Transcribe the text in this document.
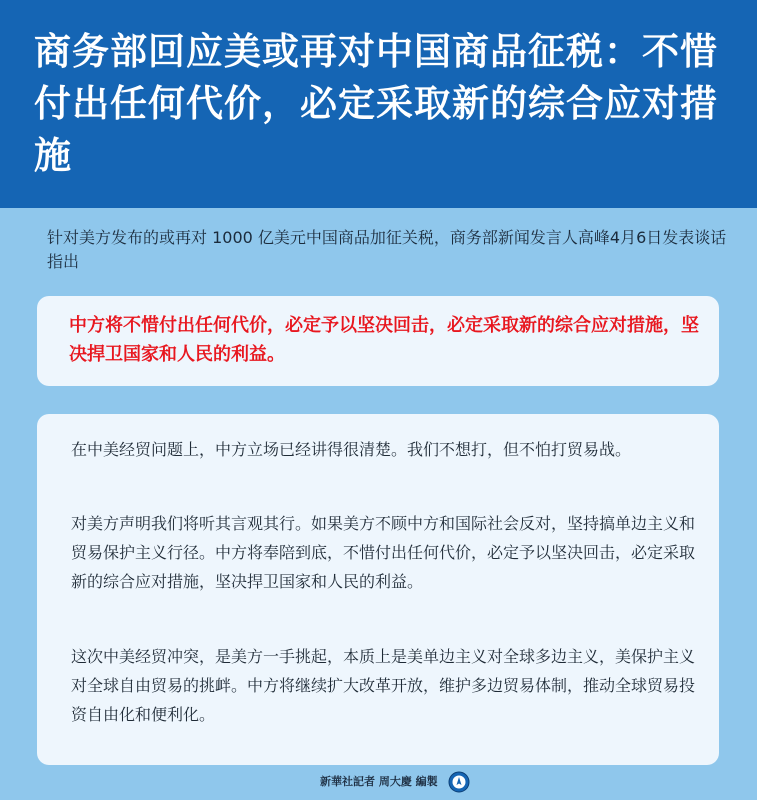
商务部回应美或再对中国商品征税：不惜付出任何代价，必定采取新的综合应对措施

针对美方发布的或再对 1000 亿美元中国商品加征关税，商务部新闻发言人高峰4月6日发表谈话指出

中方将不惜付出任何代价，必定予以坚决回击，必定采取新的综合应对措施，坚决捍卫国家和人民的利益。

在中美经贸问题上，中方立场已经讲得很清楚。我们不想打，但不怕打贸易战。

对美方声明我们将听其言观其行。如果美方不顾中方和国际社会反对，坚持搞单边主义和贸易保护主义行径。中方将奉陪到底，不惜付出任何代价，必定予以坚决回击，必定采取新的综合应对措施，坚决捍卫国家和人民的利益。

这次中美经贸冲突，是美方一手挑起，本质上是美单边主义对全球多边主义，美保护主义对全球自由贸易的挑衅。中方将继续扩大改革开放，维护多边贸易体制，推动全球贸易投资自由化和便利化。

新華社記者 周大慶 編製
